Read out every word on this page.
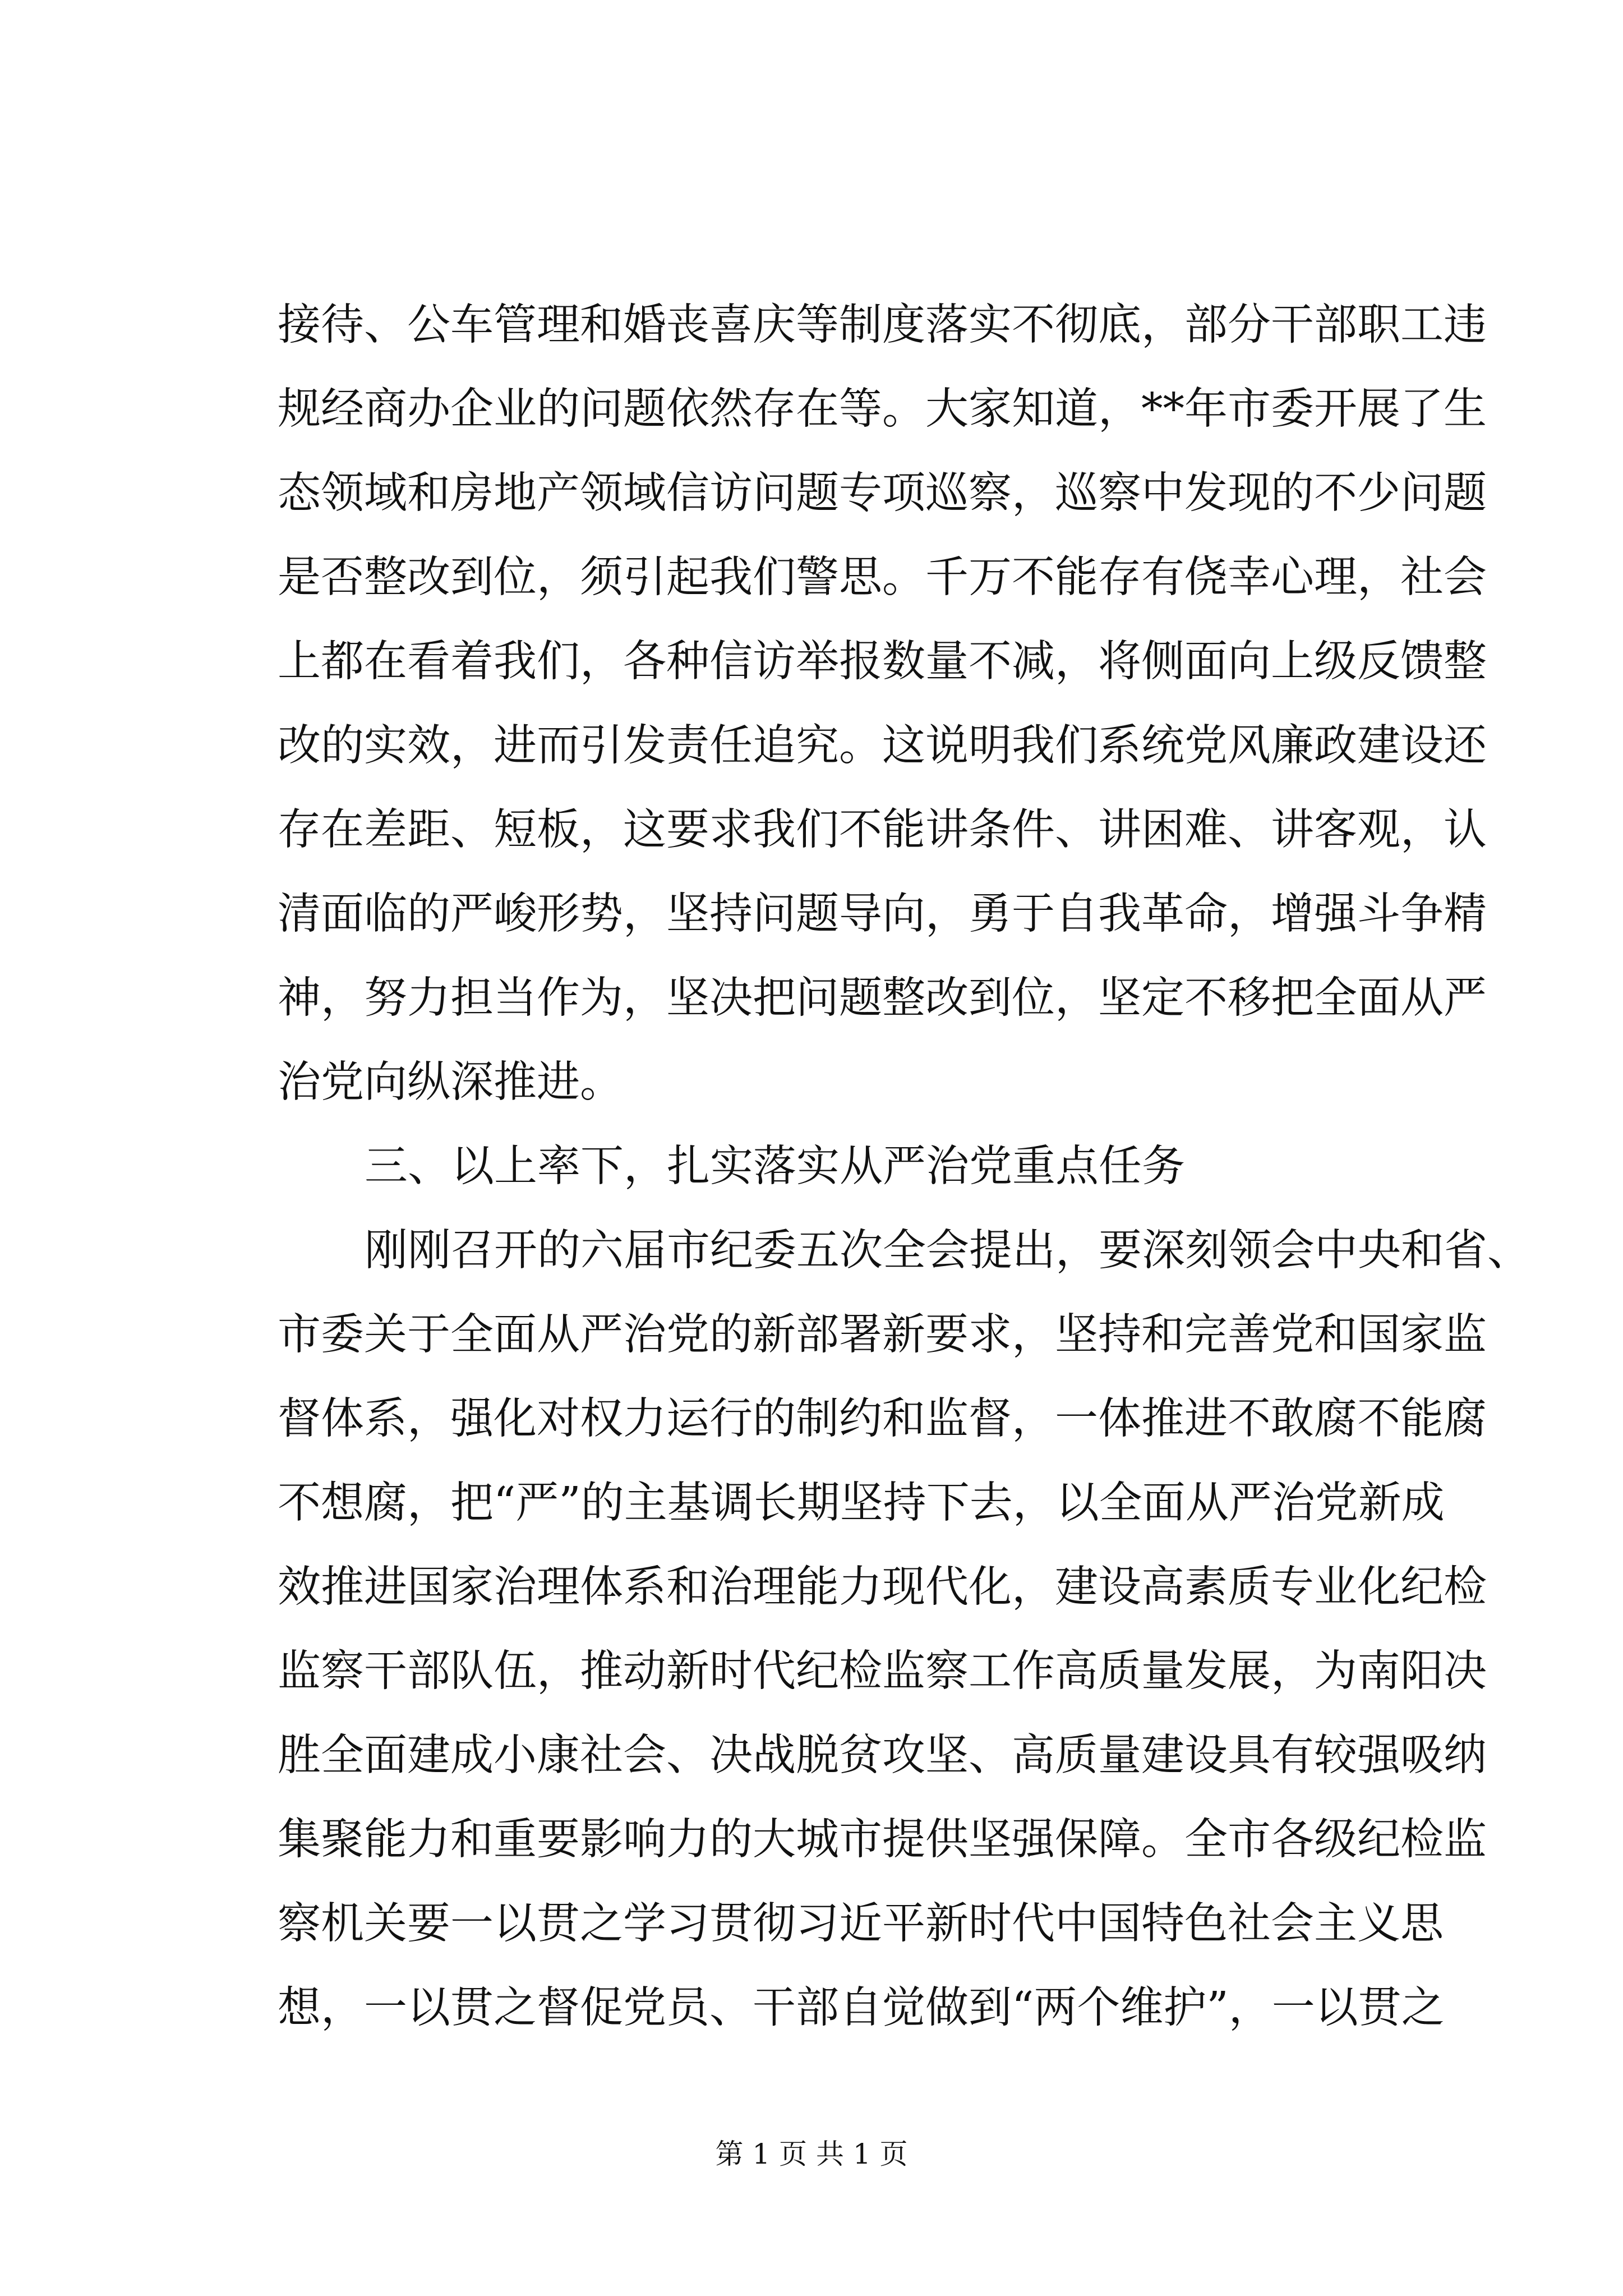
接待、公车管理和婚丧喜庆等制度落实不彻底，部分干部职工违
规经商办企业的问题依然存在等。大家知道，**年市委开展了生
态领域和房地产领域信访问题专项巡察，巡察中发现的不少问题
是否整改到位，须引起我们警思。千万不能存有侥幸心理，社会
上都在看着我们，各种信访举报数量不减，将侧面向上级反馈整
改的实效，进而引发责任追究。这说明我们系统党风廉政建设还
存在差距、短板，这要求我们不能讲条件、讲困难、讲客观，认
清面临的严峻形势，坚持问题导向，勇于自我革命，增强斗争精
神，努力担当作为，坚决把问题整改到位，坚定不移把全面从严
治党向纵深推进。
三、以上率下，扎实落实从严治党重点任务
刚刚召开的六届市纪委五次全会提出，要深刻领会中央和省、
市委关于全面从严治党的新部署新要求，坚持和完善党和国家监
督体系，强化对权力运行的制约和监督，一体推进不敢腐不能腐
不想腐，把“严”的主基调长期坚持下去，以全面从严治党新成
效推进国家治理体系和治理能力现代化，建设高素质专业化纪检
监察干部队伍，推动新时代纪检监察工作高质量发展，为南阳决
胜全面建成小康社会、决战脱贫攻坚、高质量建设具有较强吸纳
集聚能力和重要影响力的大城市提供坚强保障。全市各级纪检监
察机关要一以贯之学习贯彻习近平新时代中国特色社会主义思
想，一以贯之督促党员、干部自觉做到“两个维护”，一以贯之
第 1 页 共 1 页
